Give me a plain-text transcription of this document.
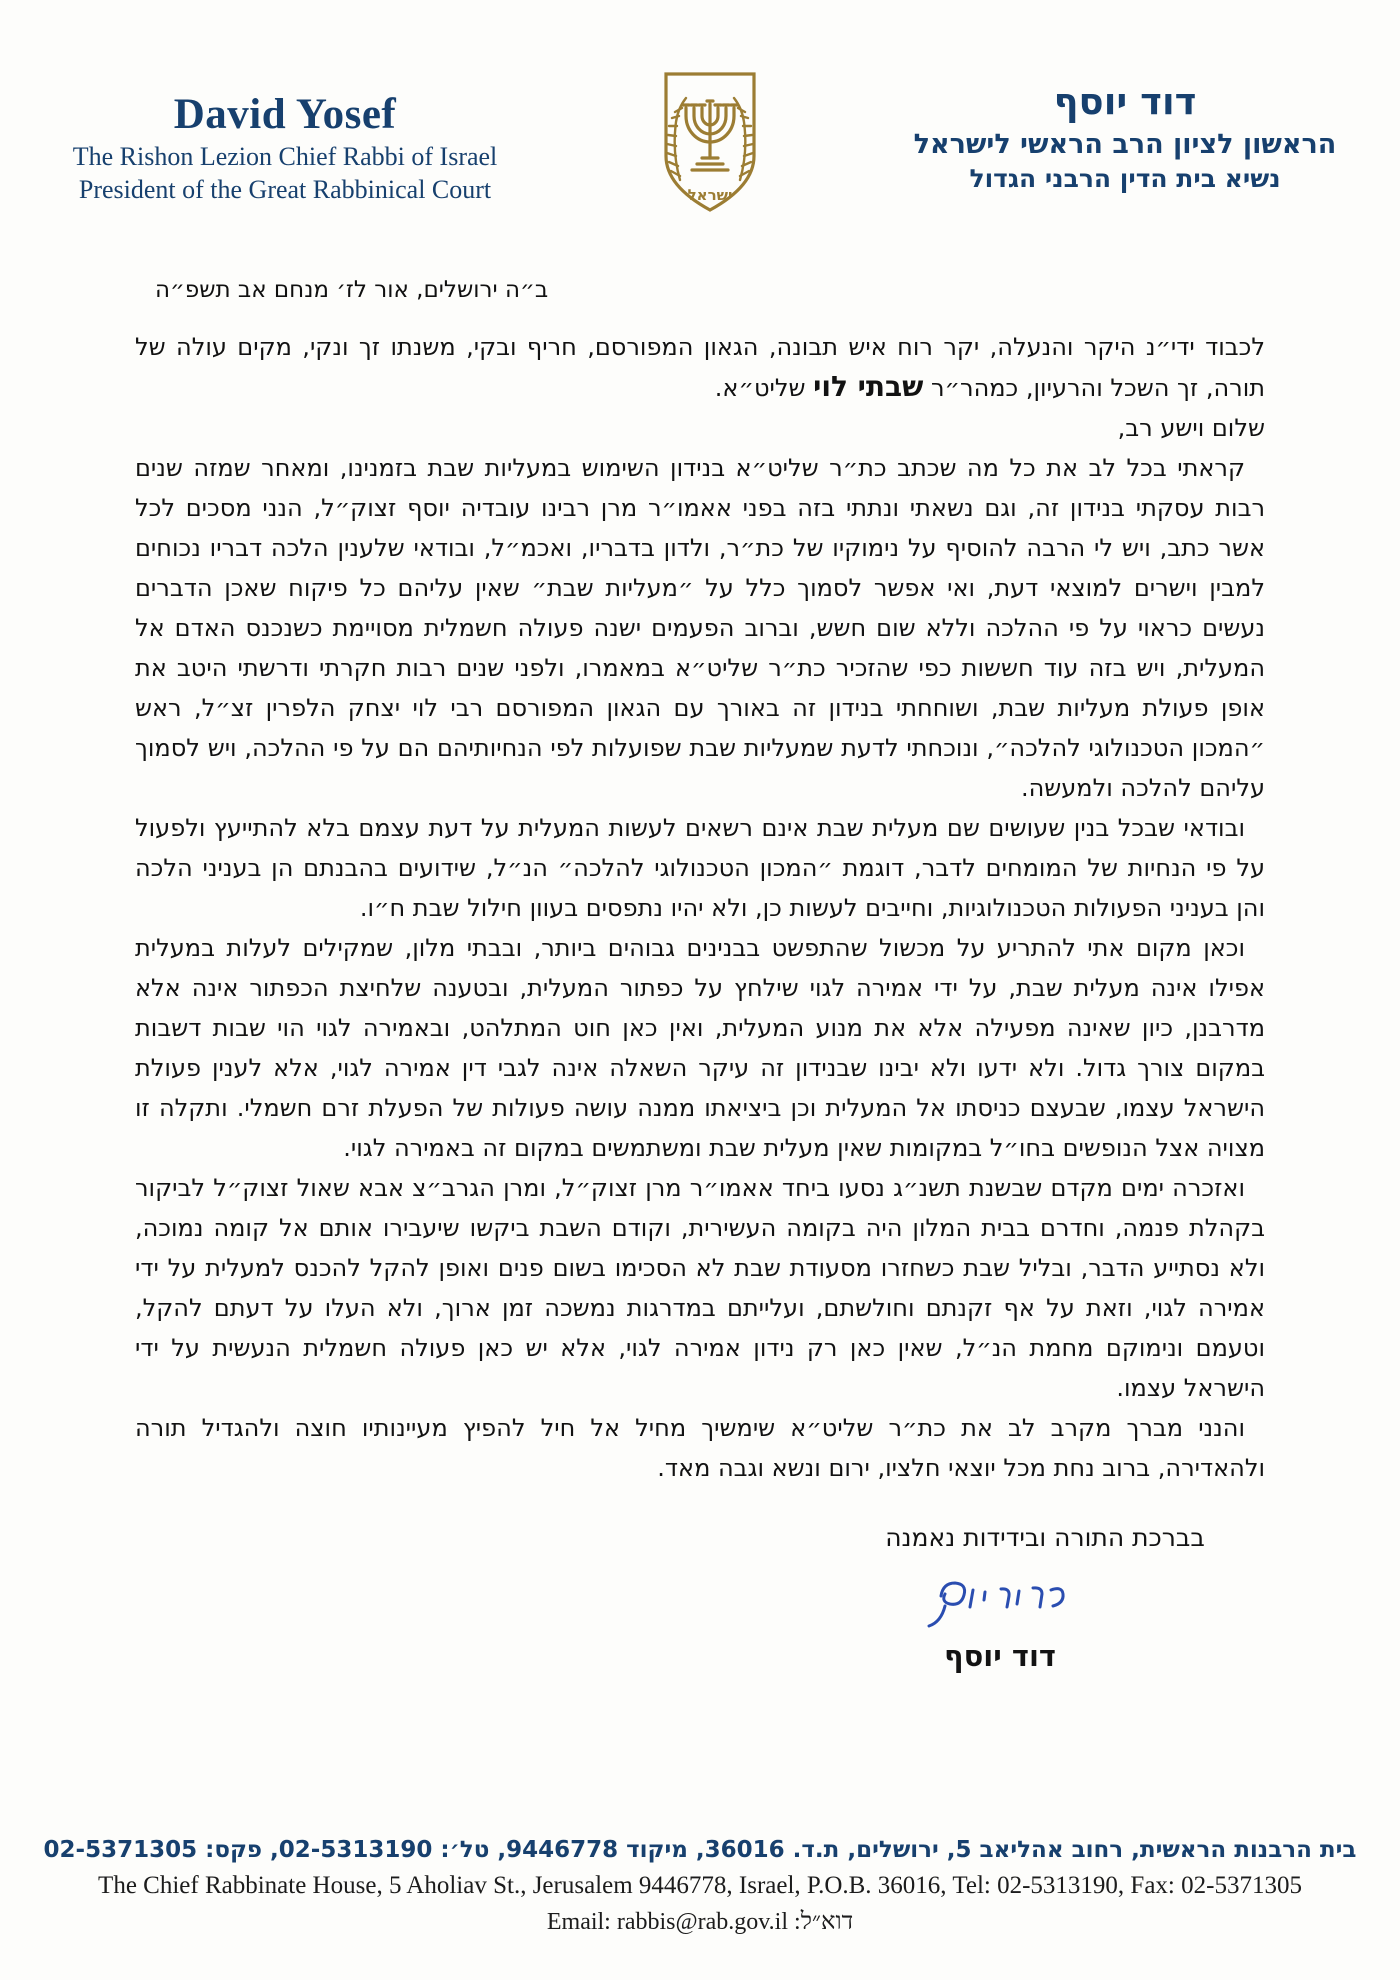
David Yosef
The Rishon Lezion Chief Rabbi of Israel
President of the Great Rabbinical Court	ישראל
דוד יוסף
הראשון לציון הרב הראשי לישראל
נשיא בית הדין הרבני הגדול
ב״ה ירושלים, אור לז׳ מנחם אב תשפ״ה

לכבוד ידי״נ היקר והנעלה, יקר רוח איש תבונה, הגאון המפורסם, חריף ובקי, משנתו זך ונקי, מקים עולה של תורה, זך השכל והרעיון, כמהר״ר שבתי לוי שליט״א.

שלום וישע רב,

קראתי בכל לב את כל מה שכתב כת״ר שליט״א בנידון השימוש במעליות שבת בזמנינו, ומאחר שמזה שנים רבות עסקתי בנידון זה, וגם נשאתי ונתתי בזה בפני אאמו״ר מרן רבינו עובדיה יוסף זצוק״ל, הנני מסכים לכל אשר כתב, ויש לי הרבה להוסיף על נימוקיו של כת״ר, ולדון בדבריו, ואכמ״ל, ובודאי שלענין הלכה דבריו נכוחים למבין וישרים למוצאי דעת, ואי אפשר לסמוך כלל על ״מעליות שבת״ שאין עליהם כל פיקוח שאכן הדברים נעשים כראוי על פי ההלכה וללא שום חשש, וברוב הפעמים ישנה פעולה חשמלית מסויימת כשנכנס האדם אל המעלית, ויש בזה עוד חששות כפי שהזכיר כת״ר שליט״א במאמרו, ולפני שנים רבות חקרתי ודרשתי היטב את אופן פעולת מעליות שבת, ושוחחתי בנידון זה באורך עם הגאון המפורסם רבי לוי יצחק הלפרין זצ״ל, ראש ״המכון הטכנולוגי להלכה״, ונוכחתי לדעת שמעליות שבת שפועלות לפי הנחיותיהם הם על פי ההלכה, ויש לסמוך עליהם להלכה ולמעשה.

ובודאי שבכל בנין שעושים שם מעלית שבת אינם רשאים לעשות המעלית על דעת עצמם בלא להתייעץ ולפעול על פי הנחיות של המומחים לדבר, דוגמת ״המכון הטכנולוגי להלכה״ הנ״ל, שידועים בהבנתם הן בעניני הלכה והן בעניני הפעולות הטכנולוגיות, וחייבים לעשות כן, ולא יהיו נתפסים בעוון חילול שבת ח״ו.

וכאן מקום אתי להתריע על מכשול שהתפשט בבנינים גבוהים ביותר, ובבתי מלון, שמקילים לעלות במעלית אפילו אינה מעלית שבת, על ידי אמירה לגוי שילחץ על כפתור המעלית, ובטענה שלחיצת הכפתור אינה אלא מדרבנן, כיון שאינה מפעילה אלא את מנוע המעלית, ואין כאן חוט המתלהט, ובאמירה לגוי הוי שבות דשבות במקום צורך גדול. ולא ידעו ולא יבינו שבנידון זה עיקר השאלה אינה לגבי דין אמירה לגוי, אלא לענין פעולת הישראל עצמו, שבעצם כניסתו אל המעלית וכן ביציאתו ממנה עושה פעולות של הפעלת זרם חשמלי. ותקלה זו מצויה אצל הנופשים בחו״ל במקומות שאין מעלית שבת ומשתמשים במקום זה באמירה לגוי.

ואזכרה ימים מקדם שבשנת תשנ״ג נסעו ביחד אאמו״ר מרן זצוק״ל, ומרן הגרב״צ אבא שאול זצוק״ל לביקור בקהלת פנמה, וחדרם בבית המלון היה בקומה העשירית, וקודם השבת ביקשו שיעבירו אותם אל קומה נמוכה, ולא נסתייע הדבר, ובליל שבת כשחזרו מסעודת שבת לא הסכימו בשום פנים ואופן להקל להכנס למעלית על ידי אמירה לגוי, וזאת על אף זקנתם וחולשתם, ועלייתם במדרגות נמשכה זמן ארוך, ולא העלו על דעתם להקל, וטעמם ונימוקם מחמת הנ״ל, שאין כאן רק נידון אמירה לגוי, אלא יש כאן פעולה חשמלית הנעשית על ידי הישראל עצמו.

והנני מברך מקרב לב את כת״ר שליט״א שימשיך מחיל אל חיל להפיץ מעיינותיו חוצה ולהגדיל תורה ולהאדירה, ברוב נחת מכל יוצאי חלציו, ירום ונשא וגבה מאד.

בברכת התורה ובידידות נאמנה
דוד יוסף
בית הרבנות הראשית, רחוב אהליאב 5, ירושלים, ת.ד. 36016, מיקוד 9446778, טל׳: 02-5313190, פקס: 02-5371305
The Chief Rabbinate House, 5 Aholiav St., Jerusalem 9446778, Israel, P.O.B. 36016, Tel: 02-5313190, Fax: 02-5371305
דוא״ל: Email: rabbis@rab.gov.il
